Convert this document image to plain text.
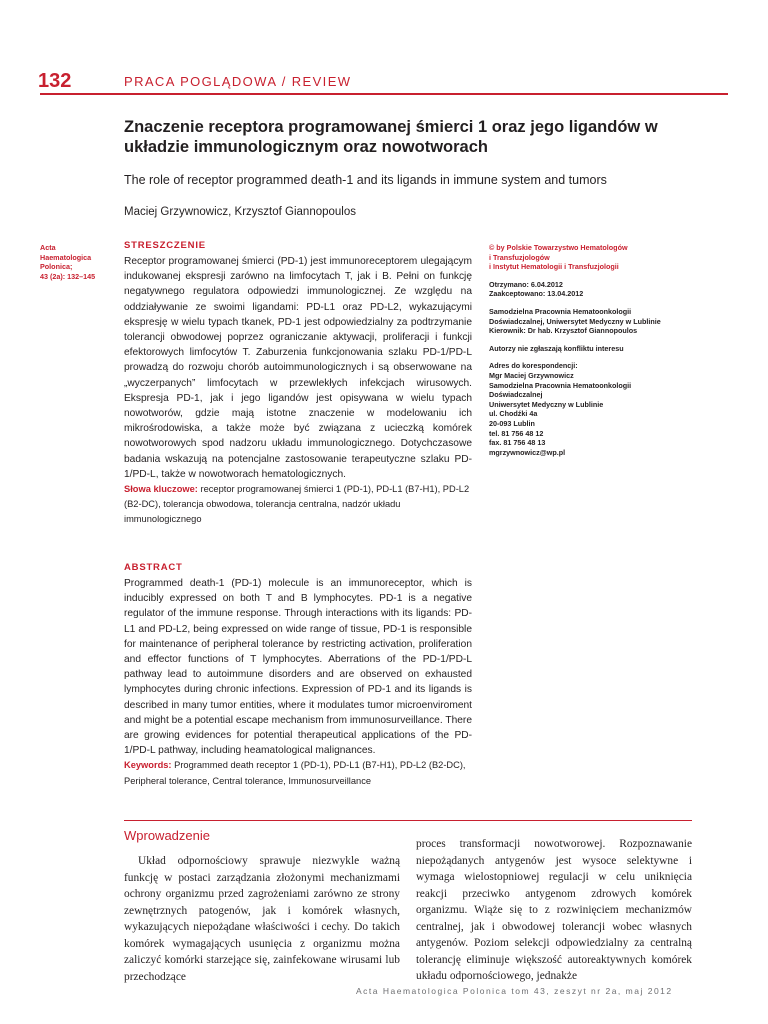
132	PRACA POGLĄDOWA / REVIEW
Znaczenie receptora programowanej śmierci 1 oraz jego ligandów w układzie immunologicznym oraz nowotworach
The role of receptor programmed death-1 and its ligands in immune system and tumors
Maciej Grzywnowicz, Krzysztof Giannopoulos
Acta
Haematologica
Polonica;
43 (2a): 132–145
STRESZCZENIE
Receptor programowanej śmierci (PD-1) jest immunoreceptorem ulegającym indukowanej ekspresji zarówno na limfocytach T, jak i B. Pełni on funkcję negatywnego regulatora odpowiedzi immunologicznej. Ze względu na oddziaływanie ze swoimi ligandami: PD-L1 oraz PD-L2, wykazującymi ekspresję w wielu typach tkanek, PD-1 jest odpowiedzialny za podtrzymanie tolerancji obwodowej poprzez ograniczanie aktywacji, proliferacji i funkcji efektorowych limfocytów T. Zaburzenia funkcjonowania szlaku PD-1/PD-L prowadzą do rozwoju chorób autoimmunologicznych i są obserwowane na „wyczerpanych” limfocytach w przewlekłych infekcjach wirusowych. Ekspresja PD-1, jak i jego ligandów jest opisywana w wielu typach nowotworów, gdzie mają istotne znaczenie w modelowaniu ich mikrośrodowiska, a także może być związana z ucieczką komórek nowotworowych spod nadzoru układu immunologicznego. Dotychczasowe badania wskazują na potencjalne zastosowanie terapeutyczne szlaku PD-1/PD-L, także w nowotworach hematologicznych.
Słowa kluczowe: receptor programowanej śmierci 1 (PD-1), PD-L1 (B7-H1), PD-L2 (B2-DC), tolerancja obwodowa, tolerancja centralna, nadzór układu immunologicznego
ABSTRACT
Programmed death-1 (PD-1) molecule is an immunoreceptor, which is inducibly expressed on both T and B lymphocytes. PD-1 is a negative regulator of the immune response. Through interactions with its ligands: PD-L1 and PD-L2, being expressed on wide range of tissue, PD-1 is responsible for maintenance of peripheral tolerance by restricting activation, proliferation and effector functions of T lymphocytes. Aberrations of the PD-1/PD-L pathway lead to autoimmune disorders and are observed on exhausted lymphocytes during chronic infections. Expression of PD-1 and its ligands is described in many tumor entities, where it modulates tumor microenviroment and might be a potential escape mechanism from immunosurveillance. There are growing evidences for potential therapeutical applications of the PD-1/PD-L pathway, including heamatological malignances.
Keywords: Programmed death receptor 1 (PD-1), PD-L1 (B7-H1), PD-L2 (B2-DC), Peripheral tolerance, Central tolerance, Immunosurveillance
© by Polskie Towarzystwo Hematologów
i Transfuzjologów
i Instytut Hematologii i Transfuzjologii
Otrzymano: 6.04.2012
Zaakceptowano: 13.04.2012
Samodzielna Pracownia Hematoonkologii
Doświadczalnej, Uniwersytet Medyczny w Lublinie
Kierownik: Dr hab. Krzysztof Giannopoulos
Autorzy nie zgłaszają konfliktu interesu
Adres do korespondencji:
Mgr Maciej Grzywnowicz
Samodzielna Pracownia Hematoonkologii
Doświadczalnej
Uniwersytet Medyczny w Lublinie
ul. Chodźki 4a
20-093 Lublin
tel. 81 756 48 12
fax. 81 756 48 13
mgrzywnowicz@wp.pl
Wprowadzenie
Układ odpornościowy sprawuje niezwykle ważną funkcję w postaci zarządzania złożonymi mechanizmami ochrony organizmu przed zagrożeniami zarówno ze strony zewnętrznych patogenów, jak i komórek własnych, wykazujących niepożądane właściwości i cechy. Do takich komórek wymagających usunięcia z organizmu można zaliczyć komórki starzejące się, zainfekowane wirusami lub przechodzące
proces transformacji nowotworowej. Rozpoznawanie niepożądanych antygenów jest wysoce selektywne i wymaga wielostopniowej regulacji w celu uniknięcia reakcji przeciwko antygenom zdrowych komórek organizmu. Wiąże się to z rozwinięciem mechanizmów centralnej, jak i obwodowej tolerancji wobec własnych antygenów. Poziom selekcji odpowiedzialny za centralną tolerancję eliminuje większość autoreaktywnych komórek układu odpornościowego, jednakże
Acta Haematologica Polonica tom 43, zeszyt nr 2a, maj 2012
